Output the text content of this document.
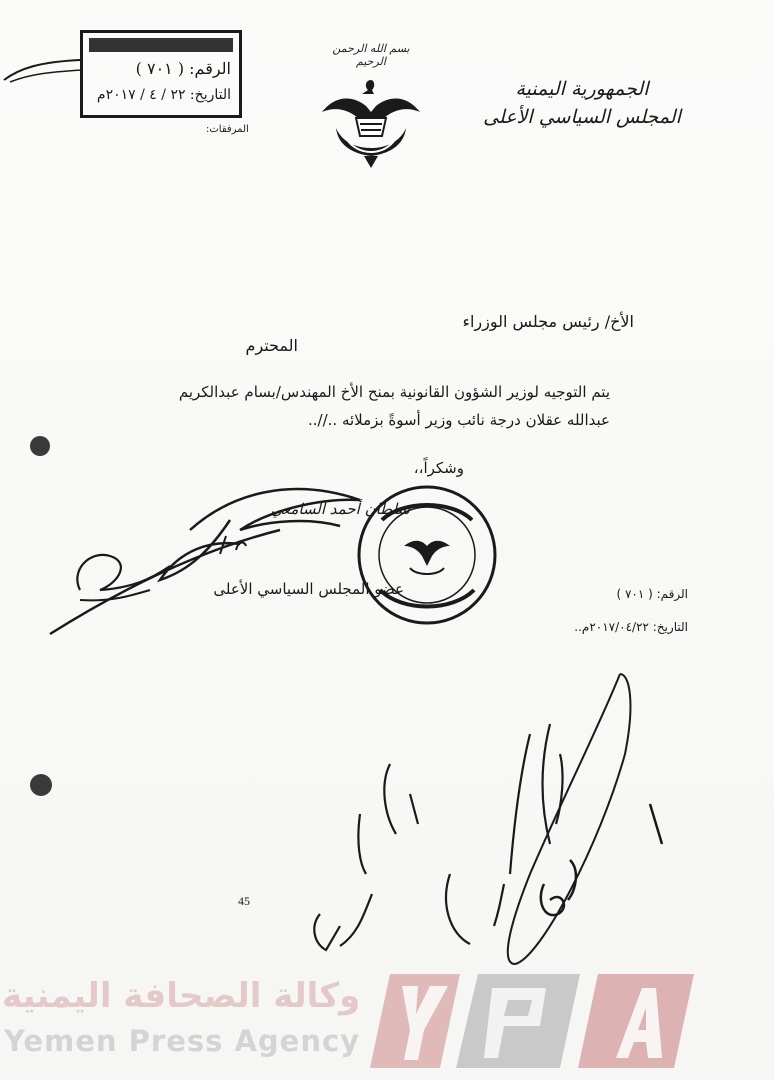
الجمهورية اليمنية
المجلس السياسي الأعلى
بسم الله الرحمن الرحيم
الرقم: ( ٧٠١ )
التاريخ: ٢٢ / ٤ / ٢٠١٧م
المرفقات:
الأخ/ رئيس مجلس الوزراء
المحترم
يتم التوجيه لوزير الشؤون القانونية بمنح الأخ المهندس/بسام عبدالكريم عبدالله عقلان درجة نائب وزير أسوةً بزملائه ..//..
وشكراً،،
سلطان أحمد السامعي
عضو المجلس السياسي الأعلى	الرقم: ( ٧٠١ )
التاريخ: ٢٠١٧/٠٤/٢٢م..
45
وكالة الصحافة اليمنية
Yemen Press Agency
